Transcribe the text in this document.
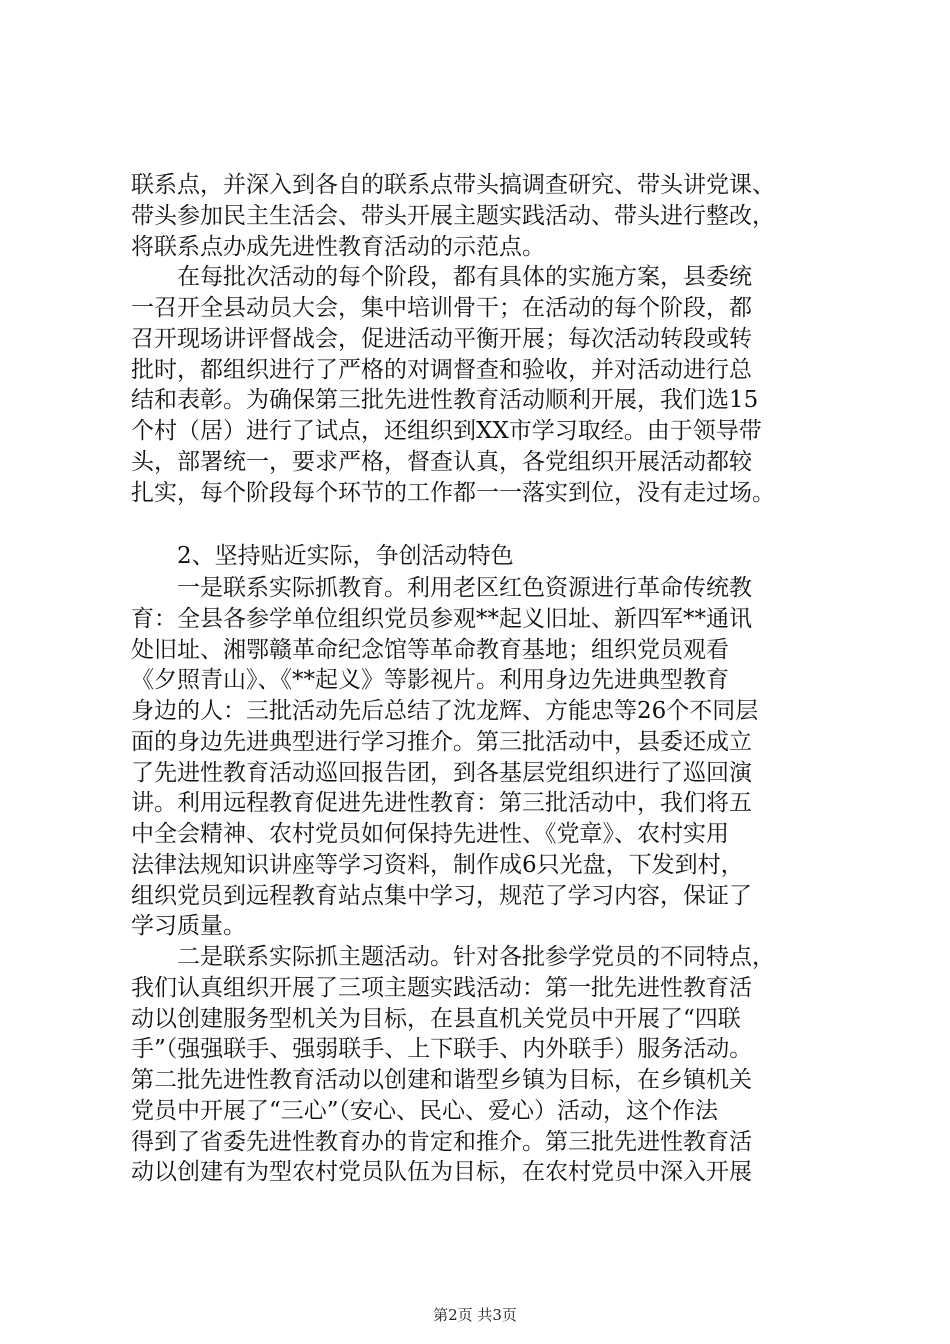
联系点，并深入到各自的联系点带头搞调查研究、带头讲党课、
带头参加民主生活会、带头开展主题实践活动、带头进行整改，
将联系点办成先进性教育活动的示范点。
　　在每批次活动的每个阶段，都有具体的实施方案，县委统
一召开全县动员大会，集中培训骨干；在活动的每个阶段，都
召开现场讲评督战会，促进活动平衡开展；每次活动转段或转
批时，都组织进行了严格的对调督查和验收，并对活动进行总
结和表彰。为确保第三批先进性教育活动顺利开展，我们选15
个村（居）进行了试点，还组织到XX市学习取经。由于领导带
头，部署统一，要求严格，督查认真，各党组织开展活动都较
扎实，每个阶段每个环节的工作都一一落实到位，没有走过场。
　　2、坚持贴近实际，争创活动特色
　　一是联系实际抓教育。利用老区红色资源进行革命传统教
育：全县各参学单位组织党员参观**起义旧址、新四军**通讯
处旧址、湘鄂赣革命纪念馆等革命教育基地；组织党员观看
《夕照青山》、《**起义》等影视片。利用身边先进典型教育
身边的人：三批活动先后总结了沈龙辉、方能忠等26个不同层
面的身边先进典型进行学习推介。第三批活动中，县委还成立
了先进性教育活动巡回报告团，到各基层党组织进行了巡回演
讲。利用远程教育促进先进性教育：第三批活动中，我们将五
中全会精神、农村党员如何保持先进性、《党章》、农村实用
法律法规知识讲座等学习资料，制作成6只光盘，下发到村，
组织党员到远程教育站点集中学习，规范了学习内容，保证了
学习质量。
　　二是联系实际抓主题活动。针对各批参学党员的不同特点，
我们认真组织开展了三项主题实践活动：第一批先进性教育活
动以创建服务型机关为目标，在县直机关党员中开展了“四联
手”（强强联手、强弱联手、上下联手、内外联手）服务活动。
第二批先进性教育活动以创建和谐型乡镇为目标，在乡镇机关
党员中开展了“三心”（安心、民心、爱心）活动，这个作法
得到了省委先进性教育办的肯定和推介。第三批先进性教育活
动以创建有为型农村党员队伍为目标，在农村党员中深入开展
第2页 共3页
